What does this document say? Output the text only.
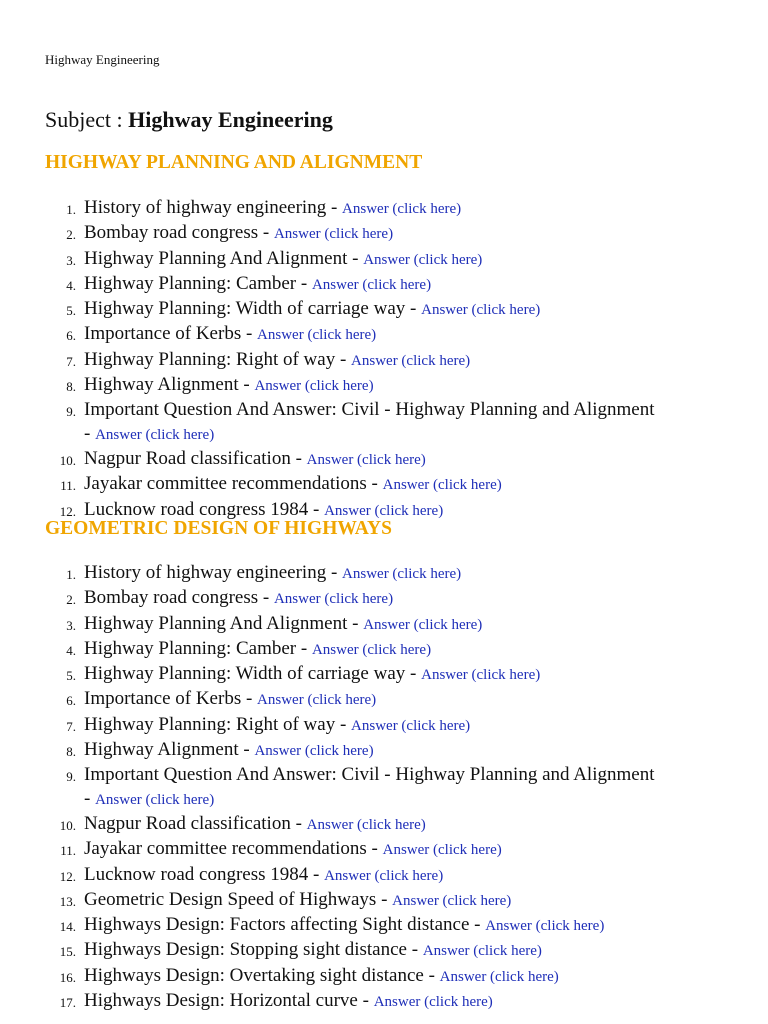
Highway Engineering
Subject : Highway Engineering
HIGHWAY PLANNING AND ALIGNMENT
1. History of highway engineering - Answer (click here)
2. Bombay road congress - Answer (click here)
3. Highway Planning And Alignment - Answer (click here)
4. Highway Planning: Camber - Answer (click here)
5. Highway Planning: Width of carriage way - Answer (click here)
6. Importance of Kerbs - Answer (click here)
7. Highway Planning: Right of way - Answer (click here)
8. Highway Alignment - Answer (click here)
9. Important Question And Answer: Civil - Highway Planning and Alignment - Answer (click here)
10. Nagpur Road classification - Answer (click here)
11. Jayakar committee recommendations - Answer (click here)
12. Lucknow road congress 1984 - Answer (click here)
GEOMETRIC DESIGN OF HIGHWAYS
1. History of highway engineering - Answer (click here)
2. Bombay road congress - Answer (click here)
3. Highway Planning And Alignment - Answer (click here)
4. Highway Planning: Camber - Answer (click here)
5. Highway Planning: Width of carriage way - Answer (click here)
6. Importance of Kerbs - Answer (click here)
7. Highway Planning: Right of way - Answer (click here)
8. Highway Alignment - Answer (click here)
9. Important Question And Answer: Civil - Highway Planning and Alignment - Answer (click here)
10. Nagpur Road classification - Answer (click here)
11. Jayakar committee recommendations - Answer (click here)
12. Lucknow road congress 1984 - Answer (click here)
13. Geometric Design Speed of Highways - Answer (click here)
14. Highways Design: Factors affecting Sight distance - Answer (click here)
15. Highways Design: Stopping sight distance - Answer (click here)
16. Highways Design: Overtaking sight distance - Answer (click here)
17. Highways Design: Horizontal curve - Answer (click here)
